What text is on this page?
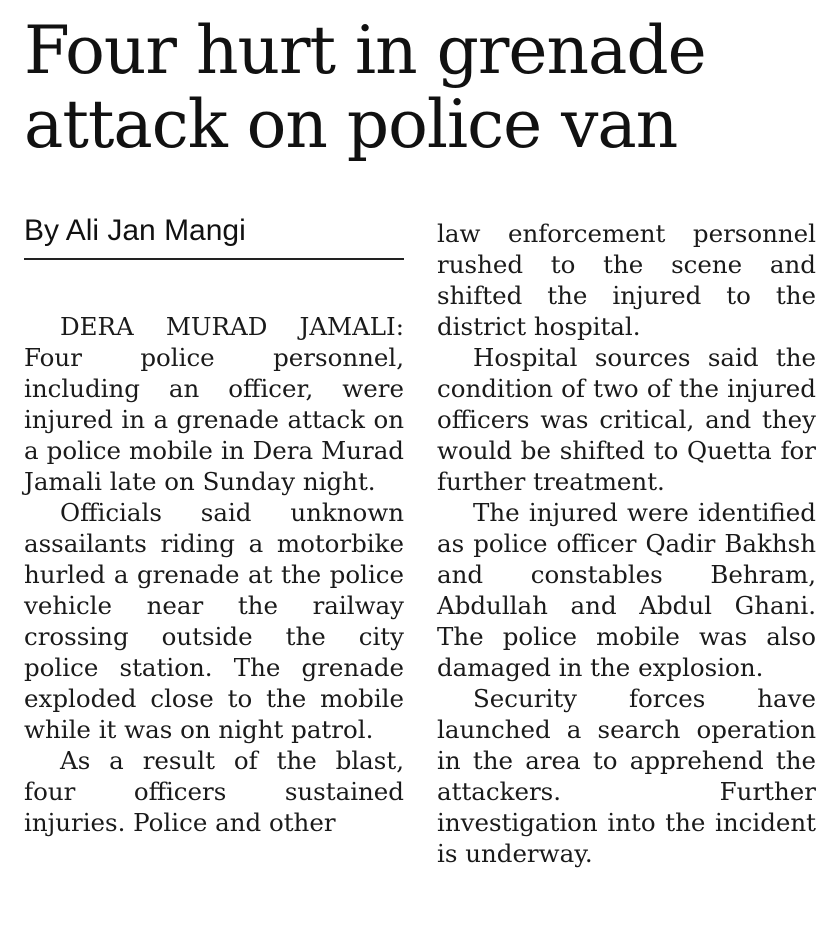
Four hurt in grenade attack on police van
By Ali Jan Mangi

DERA MURAD JAMALI: Four police personnel, including an officer, were injured in a grenade attack on a police mobile in Dera Murad Jamali late on Sunday night.

Officials said unknown assailants riding a motorbike hurled a grenade at the police vehicle near the railway crossing outside the city police station. The grenade exploded close to the mobile while it was on night patrol.

As a result of the blast, four officers sustained injuries. Police and other

law enforcement personnel rushed to the scene and shifted the injured to the district hospital.

Hospital sources said the condition of two of the injured officers was critical, and they would be shifted to Quetta for further treatment.

The injured were identified as police officer Qadir Bakhsh and constables Behram, Abdullah and Abdul Ghani. The police mobile was also damaged in the explosion.

Security forces have launched a search operation in the area to apprehend the attackers. Further investigation into the incident is underway.
